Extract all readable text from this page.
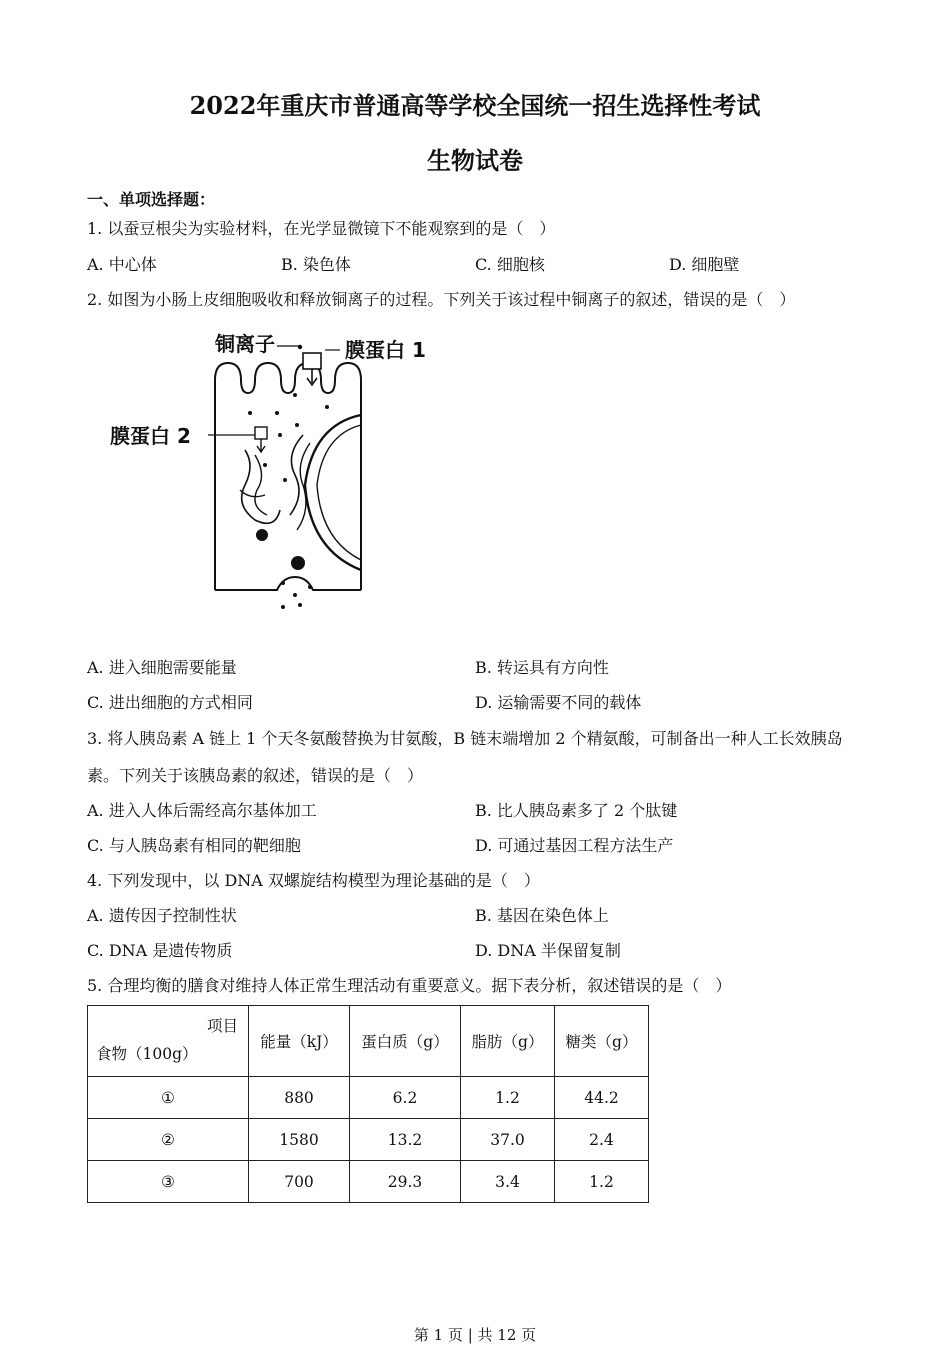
2022年重庆市普通高等学校全国统一招生选择性考试
生物试卷
一、单项选择题：
1. 以蚕豆根尖为实验材料，在光学显微镜下不能观察到的是（　）
A. 中心体	B. 染色体	C. 细胞核	D. 细胞壁
2. 如图为小肠上皮细胞吸收和释放铜离子的过程。下列关于该过程中铜离子的叙述，错误的是（　）
铜离子	膜蛋白 1
膜蛋白 2
A. 进入细胞需要能量	B. 转运具有方向性
C. 进出细胞的方式相同	D. 运输需要不同的载体
3. 将人胰岛素 A 链上 1 个天冬氨酸替换为甘氨酸，B 链末端增加 2 个精氨酸，可制备出一种人工长效胰岛
素。下列关于该胰岛素的叙述，错误的是（　）
A. 进入人体后需经高尔基体加工	B. 比人胰岛素多了 2 个肽键
C. 与人胰岛素有相同的靶细胞	D. 可通过基因工程方法生产
4. 下列发现中，以 DNA 双螺旋结构模型为理论基础的是（　）
A. 遗传因子控制性状	B. 基因在染色体上
C. DNA 是遗传物质	D. DNA 半保留复制
5. 合理均衡的膳食对维持人体正常生理活动有重要意义。据下表分析，叙述错误的是（　）
项目
食物（100g）	能量（kJ）	蛋白质（g）	脂肪（g）	糖类（g）
①	880	6.2	1.2	44.2
②	1580	13.2	37.0	2.4
③	700	29.3	3.4	1.2
第 1 页 | 共 12 页
